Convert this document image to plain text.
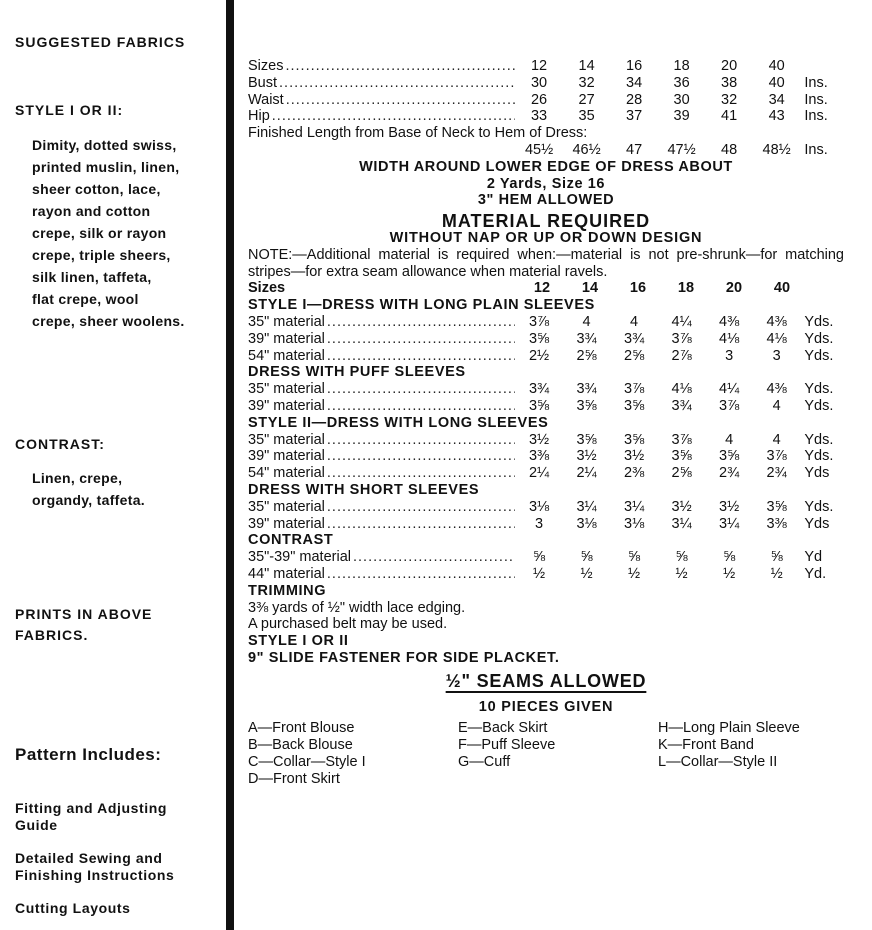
SUGGESTED FABRICS
STYLE I OR II:
Dimity, dotted swiss,
printed muslin, linen,
sheer cotton, lace,
rayon and cotton
crepe, silk or rayon
crepe, triple sheers,
silk linen, taffeta,
flat crepe, wool
crepe, sheer woolens.
CONTRAST:
Linen, crepe,
organdy, taffeta.
PRINTS IN ABOVE
FABRICS.
Pattern Includes:
Fitting and Adjusting
Guide
Detailed Sewing and
Finishing Instructions
Cutting Layouts
Sizes .....	12	14	16	18	20	40
Bust .....	30	32	34	36	38	40	Ins.
Waist .....	26	27	28	30	32	34	Ins.
Hip .....	33	35	37	39	41	43	Ins.
Finished Length from Base of Neck to Hem of Dress:
45½	46½	47	47½	48	48½ Ins.
WIDTH AROUND LOWER EDGE OF DRESS ABOUT
2 Yards, Size 16
3" HEM ALLOWED
MATERIAL REQUIRED
WITHOUT NAP OR UP OR DOWN DESIGN
NOTE:—Additional material is required when:—material is not pre-shrunk—for matching stripes—for extra seam allowance when material ravels.
Sizes	12	14	16	18	20	40
STYLE I—DRESS WITH LONG PLAIN SLEEVES
35" material .....	3⅞	4	4	4¼	4⅜	4⅜	Yds.
39" material .....	3⅝	3¾	3¾	3⅞	4⅛	4⅛	Yds.
54" material .....	2½	2⅝	2⅝	2⅞	3	3	Yds.
DRESS WITH PUFF SLEEVES
35" material .....	3¾	3¾	3⅞	4⅛	4¼	4⅜	Yds.
39" material .....	3⅝	3⅝	3⅝	3¾	3⅞	4	Yds.
STYLE II—DRESS WITH LONG SLEEVES
35" material .....	3½	3⅝	3⅝	3⅞	4	4	Yds.
39" material .....	3⅜	3½	3½	3⅝	3⅝	3⅞	Yds.
54" material .....	2¼	2¼	2⅜	2⅝	2¾	2¾	Yds
DRESS WITH SHORT SLEEVES
35" material .....	3⅛	3¼	3¼	3½	3½	3⅝	Yds.
39" material .....	3	3⅛	3⅛	3¼	3¼	3⅜	Yds
CONTRAST
35"-39" material .....	⅝	⅝	⅝	⅝	⅝	⅝	Yd
44" material .....	½	½	½	½	½	½	Yd.
TRIMMING
3⅜ yards of ½" width lace edging.
A purchased belt may be used.
STYLE I OR II
9" SLIDE FASTENER FOR SIDE PLACKET.
½" SEAMS ALLOWED
10 PIECES GIVEN
A—Front Blouse	E—Back Skirt	H—Long Plain Sleeve
B—Back Blouse	F—Puff Sleeve	K—Front Band
C—Collar—Style I	G—Cuff	L—Collar—Style II
D—Front Skirt
